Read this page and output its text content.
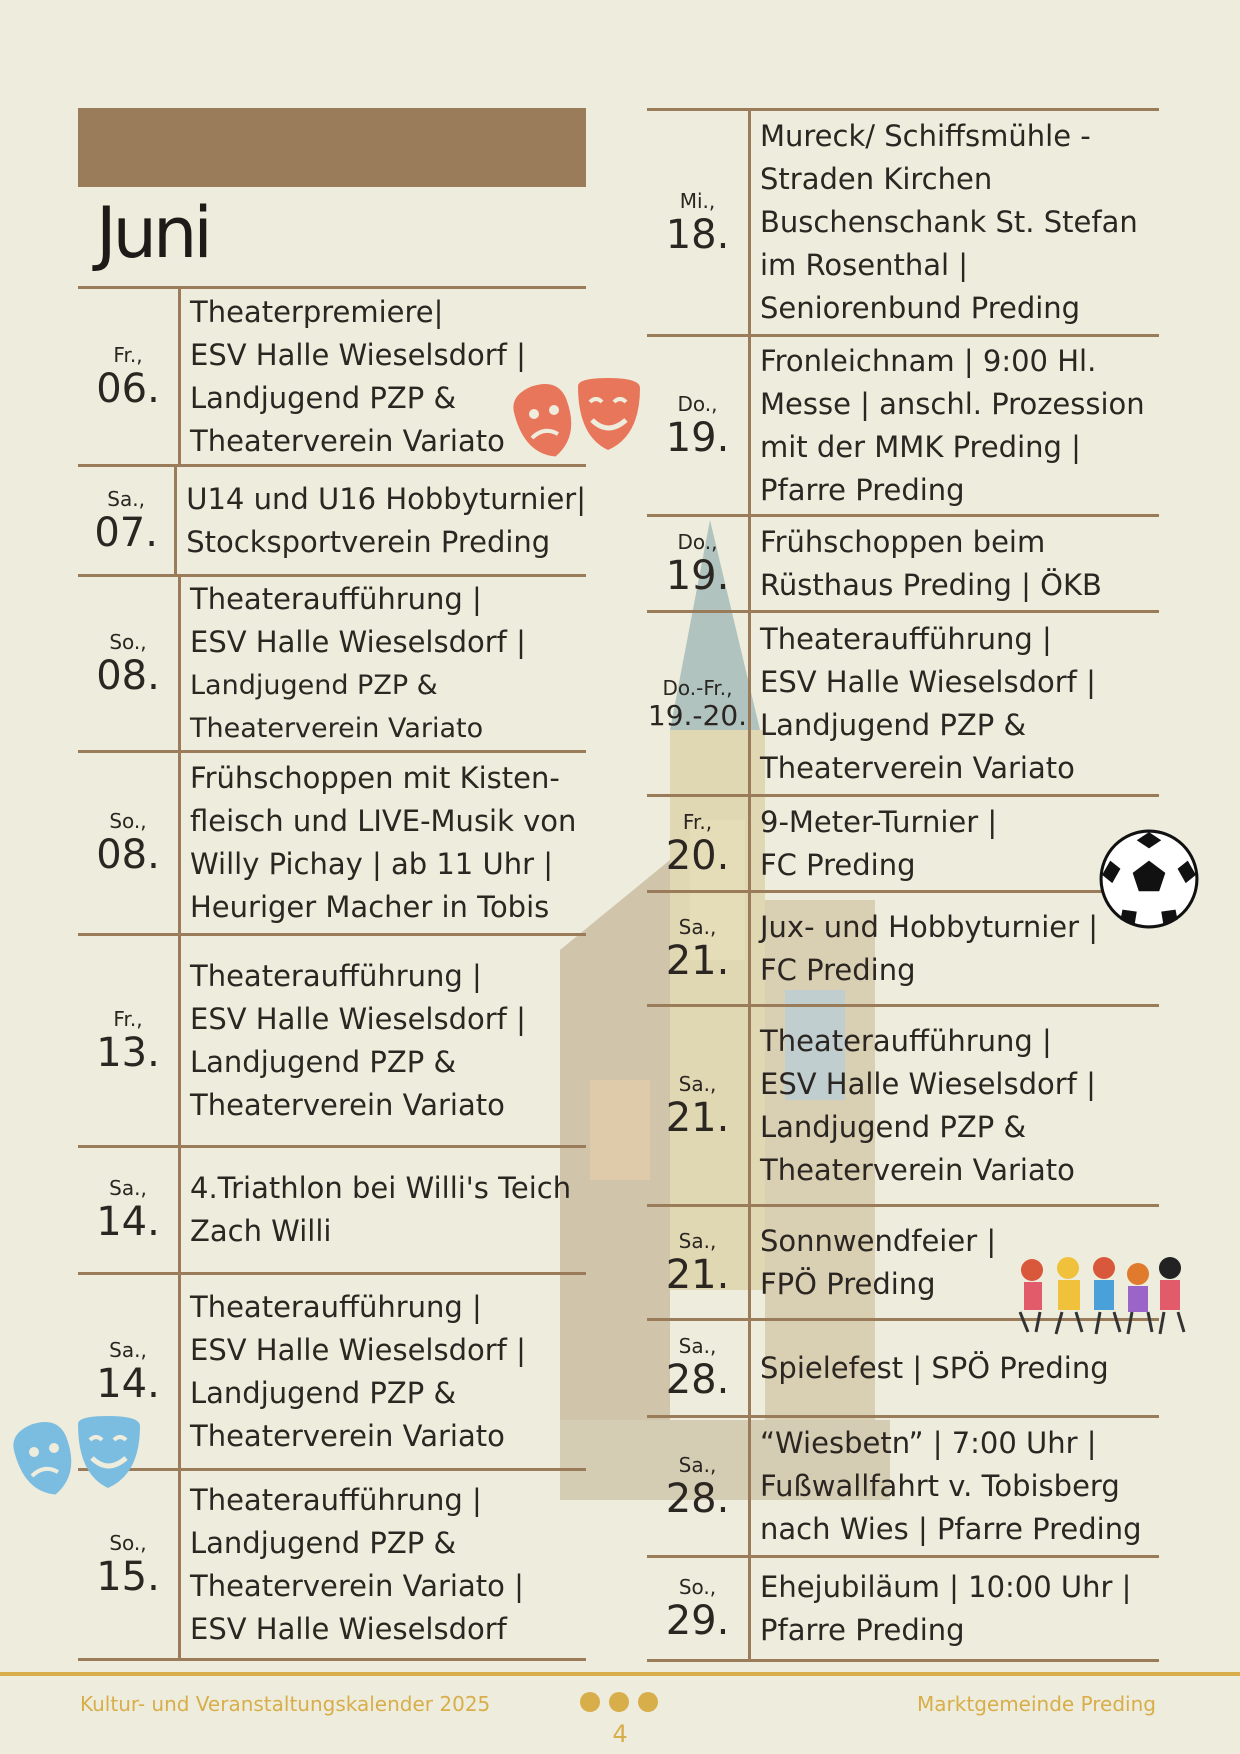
Juni
Fr.,
06.
Theaterpremiere|
ESV Halle Wieselsdorf |
Landjugend PZP &
Theaterverein Variato
Sa.,
07.
U14 und U16 Hobbyturnier|
Stocksportverein Preding
So.,
08.
Theateraufführung |
ESV Halle Wieselsdorf |
Landjugend PZP &
Theaterverein Variato
So.,
08.
Frühschoppen mit Kisten-
fleisch und LIVE-Musik von
Willy Pichay | ab 11 Uhr |
Heuriger Macher in Tobis
Fr.,
13.
Theateraufführung |
ESV Halle Wieselsdorf |
Landjugend PZP &
Theaterverein Variato
Sa.,
14.
4.Triathlon bei Willi's Teich
Zach Willi
Sa.,
14.
Theateraufführung |
ESV Halle Wieselsdorf |
Landjugend PZP &
Theaterverein Variato
So.,
15.
Theateraufführung |
Landjugend PZP &
Theaterverein Variato |
ESV Halle Wieselsdorf
Mi.,
18.
Mureck/ Schiffsmühle -
Straden Kirchen
Buschenschank St. Stefan
im Rosenthal |
Seniorenbund Preding
Do.,
19.
Fronleichnam | 9:00 Hl.
Messe | anschl. Prozession
mit der MMK Preding |
Pfarre Preding
Do.,
19.
Frühschoppen beim
Rüsthaus Preding | ÖKB
Do.-Fr.,
19.-20.
Theateraufführung |
ESV Halle Wieselsdorf |
Landjugend PZP &
Theaterverein Variato
Fr.,
20.
9-Meter-Turnier |
FC Preding
Sa.,
21.
Jux- und Hobbyturnier |
FC Preding
Sa.,
21.
Theateraufführung |
ESV Halle Wieselsdorf |
Landjugend PZP &
Theaterverein Variato
Sa.,
21.
Sonnwendfeier |
FPÖ Preding
Sa.,
28. Spielefest | SPÖ Preding
Sa.,
28.
“Wiesbetn” | 7:00 Uhr |
Fußwallfahrt v. Tobisberg
nach Wies | Pfarre Preding
So.,
29.
Ehejubiläum | 10:00 Uhr |
Pfarre Preding
Kultur- und Veranstaltungskalender 2025
4
Marktgemeinde Preding
